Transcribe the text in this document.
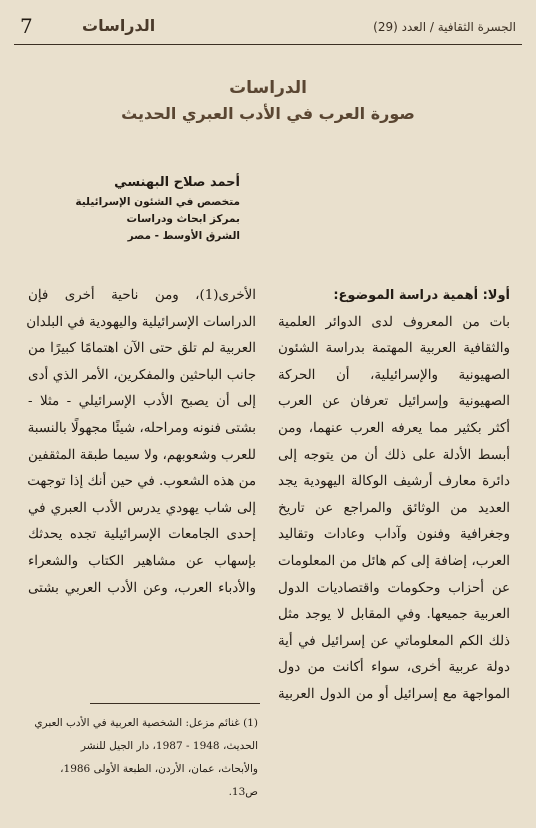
7	الدراسات	الجسرة الثقافية / العدد (29)
الدراسات
صورة العرب في الأدب العبري الحديث
أحمد صلاح البهنسي
متخصص في الشئون الإسرائيلية
بمركز ابحاث ودراسات
الشرق الأوسط - مصر

أولا: أهمية دراسة الموضوع:

بات من المعروف لدى الدوائر العلمية

والثقافية العربية المهتمة بدراسة الشئون

الصهيونية والإسرائيلية، أن الحركة

الصهيونية وإسرائيل تعرفان عن العرب

أكثر بكثير مما يعرفه العرب عنهما، ومن

أبسط الأدلة على ذلك أن من يتوجه إلى

دائرة معارف أرشيف الوكالة اليهودية يجد

العديد من الوثائق والمراجع عن تاريخ

وجغرافية وفنون وآداب وعادات وتقاليد

العرب، إضافة إلى كم هائل من المعلومات

عن أحزاب وحكومات واقتصاديات الدول

العربية جميعها. وفي المقابل لا يوجد مثل

ذلك الكم المعلوماتي عن إسرائيل في أية

دولة عربية أخرى، سواء أكانت من دول

المواجهة مع إسرائيل أو من الدول العربية

الأخرى(1)، ومن ناحية أخرى فإن

الدراسات الإسرائيلية واليهودية في البلدان

العربية لم تلق حتى الآن اهتمامًا كبيرًا من

جانب الباحثين والمفكرين، الأمر الذي أدى

إلى أن يصبح الأدب الإسرائيلي - مثلا -

بشتى فنونه ومراحله، شيئًا مجهولًا بالنسبة

للعرب وشعوبهم، ولا سيما طبقة المثقفين

من هذه الشعوب. في حين أنك إذا توجهت

إلى شاب يهودي يدرس الأدب العبري في

إحدى الجامعات الإسرائيلية تجده يحدثك

بإسهاب عن مشاهير الكتاب والشعراء

والأدباء العرب، وعن الأدب العربي بشتى

(1) غنائم مزعل: الشخصية العربية في الأدب العبري

الحديث، 1948 - 1987، دار الجيل للنشر

والأبحاث، عمان، الأردن، الطبعة الأولى 1986،

ص13.
